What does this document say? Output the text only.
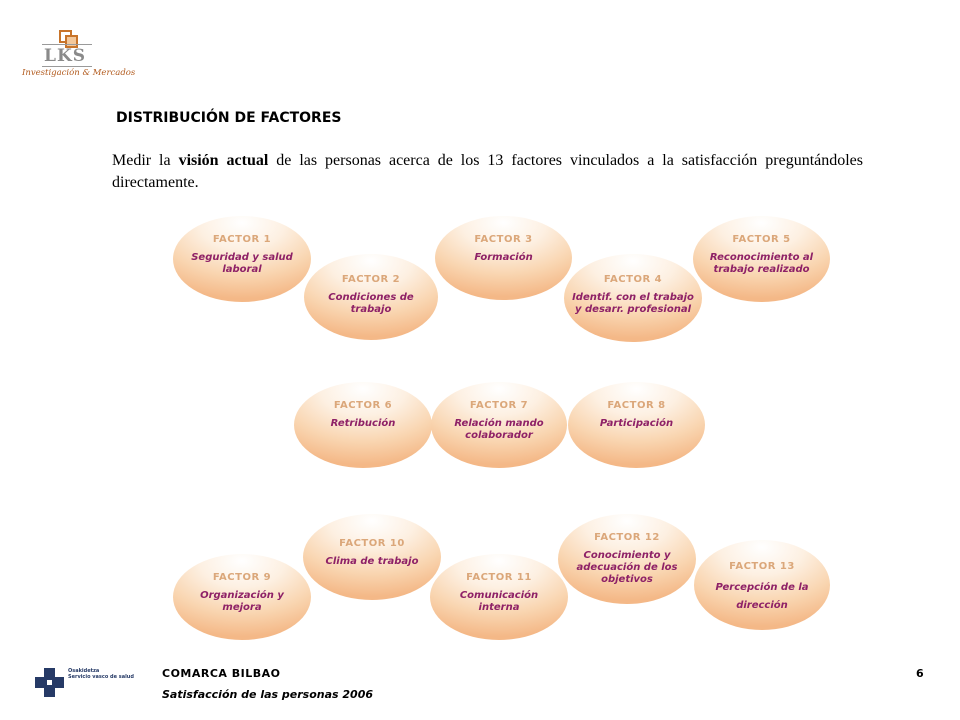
LKS
Investigación & Mercados
DISTRIBUCIÓN DE FACTORES

Medir la visión actual de las personas acerca de los 13 factores vinculados a la satisfacción preguntándoles directamente.

FACTOR 1
Seguridad y salud laboral
FACTOR 2
Condiciones de trabajo
FACTOR 3
Formación
FACTOR 4
Identif. con el trabajo y desarr. profesional
FACTOR 5
Reconocimiento al trabajo realizado
FACTOR 6
Retribución
FACTOR 7
Relación mando colaborador
FACTOR 8
Participación
FACTOR 9
Organización y mejora
FACTOR 10
Clima de trabajo
FACTOR 11
Comunicación interna
FACTOR 12
Conocimiento y adecuación de los objetivos
FACTOR 13
Percepción de la dirección
Osakidetza
Servicio vasco de salud	COMARCA BILBAO
Satisfacción de las personas 2006
6
